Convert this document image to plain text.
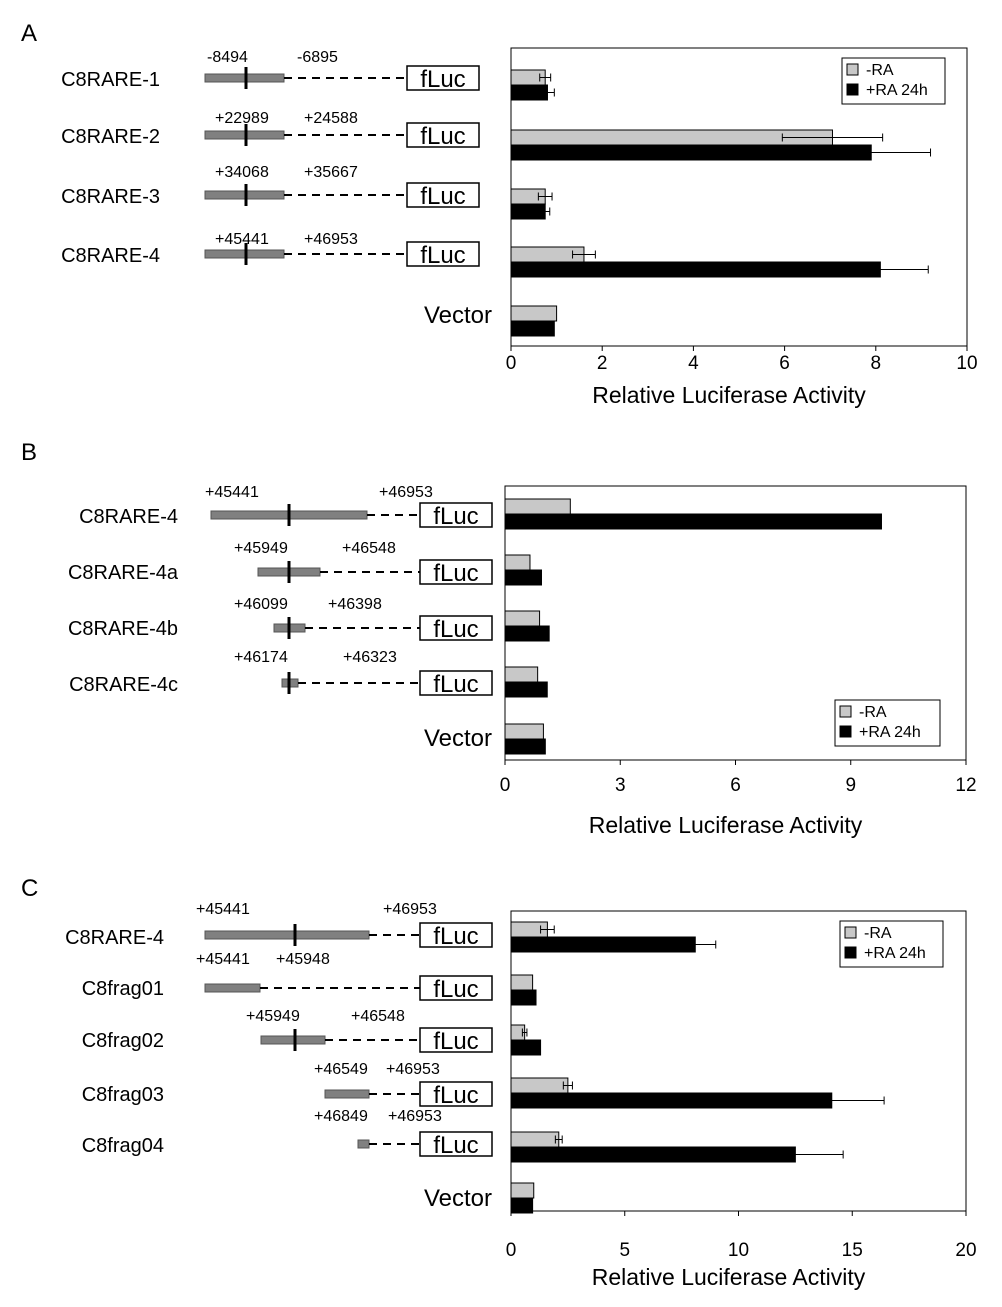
A
0	2	4	6	8	10
Relative Luciferase Activity
C8RARE-1	fLuc
-8494	-6895
C8RARE-2	fLuc
+22989 +24588
C8RARE-3	fLuc
+34068 +35667
C8RARE-4	fLuc
+45441 +46953
Vector
-RA
+RA 24h
B
0	3	6	9	12
Relative Luciferase Activity
C8RARE-4	fLuc
+45441	+46953
C8RARE-4a	fLuc
+45949	+46548
C8RARE-4b	fLuc
+46099	+46398
C8RARE-4c	fLuc
+46174	+46323
Vector
-RA
+RA 24h
C
0	5	10	15	20
Relative Luciferase Activity
C8RARE-4	fLuc
+45441	+46953
C8frag01	fLuc
+45441 +45948
C8frag02	fLuc
+45949	+46548
C8frag03	fLuc
+46549 +46953
C8frag04	fLuc
+46849 +46953
Vector
-RA
+RA 24h
